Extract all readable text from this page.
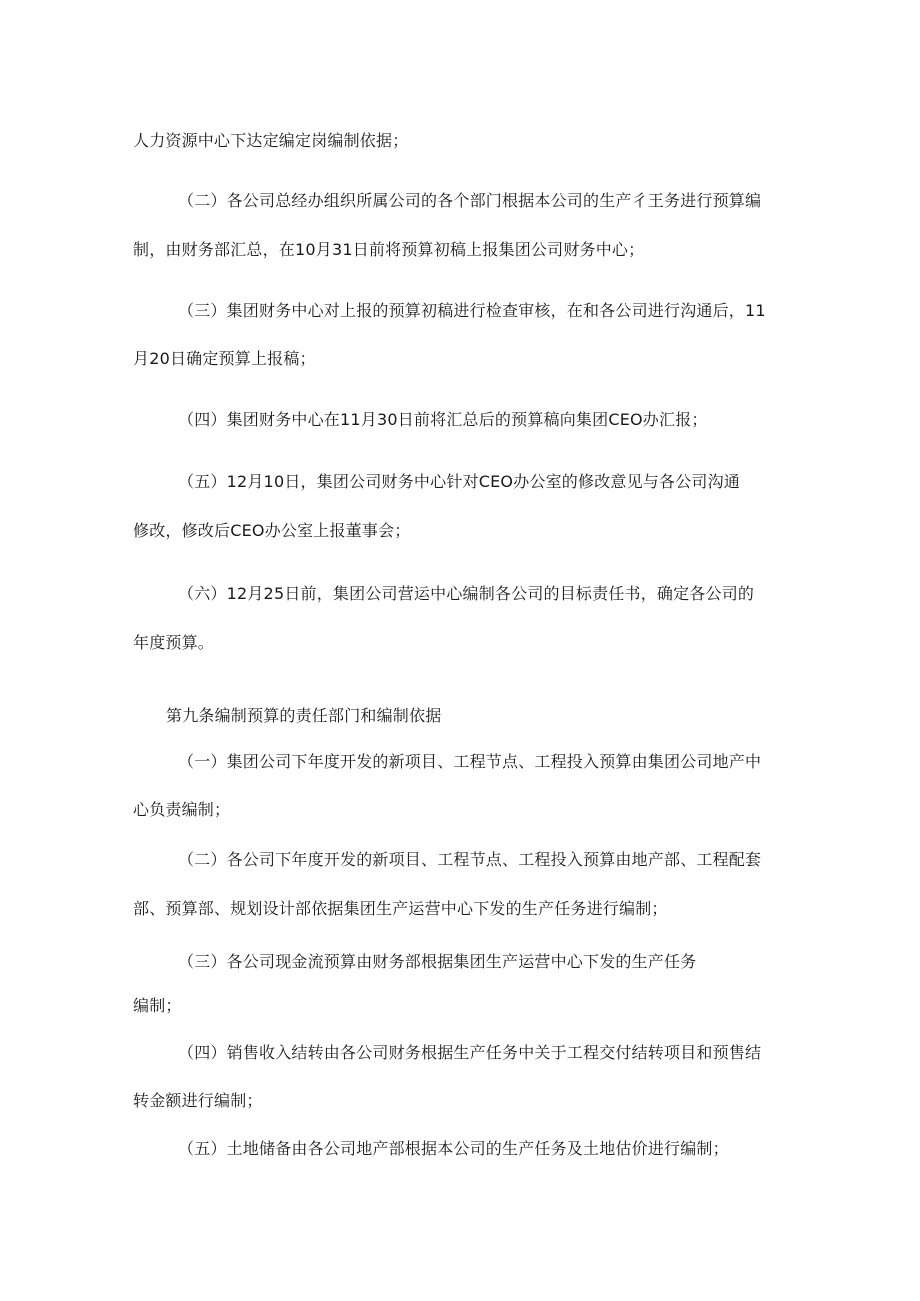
人力资源中心下达定编定岗编制依据；
（二）各公司总经办组织所属公司的各个部门根据本公司的生产彳王务进行预算编
制，由财务部汇总，在10月31日前将预算初稿上报集团公司财务中心；
（三）集团财务中心对上报的预算初稿进行检查审核，在和各公司进行沟通后，11
月20日确定预算上报稿；
（四）集团财务中心在11月30日前将汇总后的预算稿向集团CEO办汇报；
（五）12月10日，集团公司财务中心针对CEO办公室的修改意见与各公司沟通
修改，修改后CEO办公室上报董事会；
（六）12月25日前，集团公司营运中心编制各公司的目标责任书，确定各公司的
年度预算。
第九条编制预算的责任部门和编制依据
（一）集团公司下年度开发的新项目、工程节点、工程投入预算由集团公司地产中
心负责编制；
（二）各公司下年度开发的新项目、工程节点、工程投入预算由地产部、工程配套
部、预算部、规划设计部依据集团生产运营中心下发的生产任务进行编制；
（三）各公司现金流预算由财务部根据集团生产运营中心下发的生产任务
编制；
（四）销售收入结转由各公司财务根据生产任务中关于工程交付结转项目和预售结
转金额进行编制；
（五）土地储备由各公司地产部根据本公司的生产任务及土地估价进行编制；
